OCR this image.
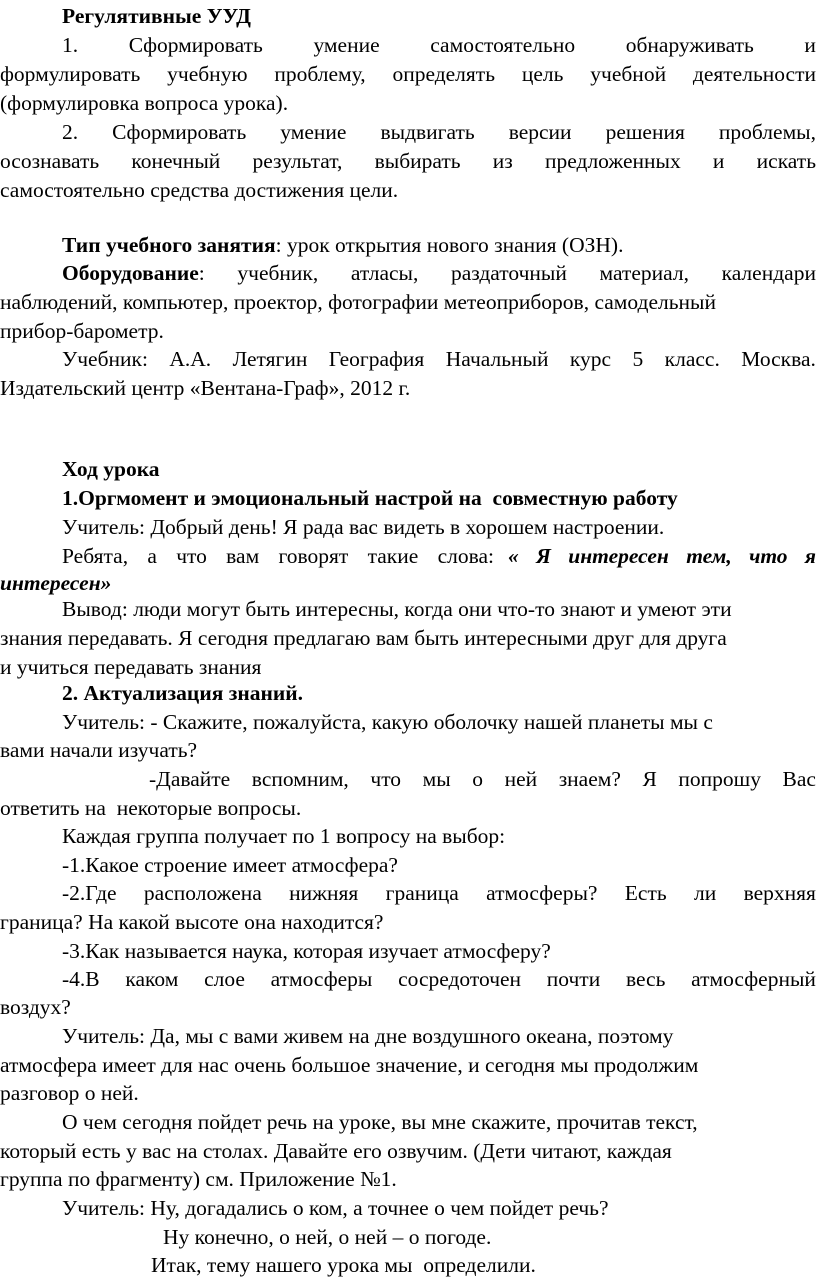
Регулятивные УУД
1. Сформировать умение самостоятельно обнаруживать и
формулировать учебную проблему, определять цель учебной деятельности
(формулировка вопроса урока).
2. Сформировать умение выдвигать версии решения проблемы,
осознавать конечный результат, выбирать из предложенных и искать
самостоятельно средства достижения цели.
Тип учебного занятия: урок открытия нового знания (ОЗН).
Оборудование : учебник, атласы, раздаточный материал, календари
наблюдений, компьютер, проектор, фотографии метеоприборов, самодельный
прибор-барометр.
Учебник: А.А. Летягин География Начальный курс 5 класс. Москва.
Издательский центр «Вентана-Граф», 2012 г.
Ход урока
1.Оргмомент и эмоциональный настрой на  совместную работу
Учитель: Добрый день! Я рада вас видеть в хорошем настроении.
Ребята, а что вам говорят такие слова: « Я интересен тем, что я
интересен»
Вывод: люди могут быть интересны, когда они что-то знают и умеют эти
знания передавать. Я сегодня предлагаю вам быть интересными друг для друга
и учиться передавать знания
2. Актуализация знаний.
Учитель: - Скажите, пожалуйста, какую оболочку нашей планеты мы с
вами начали изучать?
-Давайте вспомним, что мы о ней знаем? Я попрошу Вас
ответить на  некоторые вопросы.
Каждая группа получает по 1 вопросу на выбор:
-1.Какое строение имеет атмосфера?
-2.Где расположена нижняя граница атмосферы? Есть ли верхняя
граница? На какой высоте она находится?
-3.Как называется наука, которая изучает атмосферу?
-4.В каком слое атмосферы сосредоточен почти весь атмосферный
воздух?
Учитель: Да, мы с вами живем на дне воздушного океана, поэтому
атмосфера имеет для нас очень большое значение, и сегодня мы продолжим
разговор о ней.
О чем сегодня пойдет речь на уроке, вы мне скажите, прочитав текст,
который есть у вас на столах. Давайте его озвучим. (Дети читают, каждая
группа по фрагменту) см. Приложение №1.
Учитель: Ну, догадались о ком, а точнее о чем пойдет речь?
Ну конечно, о ней, о ней – о погоде.
Итак, тему нашего урока мы  определили.
